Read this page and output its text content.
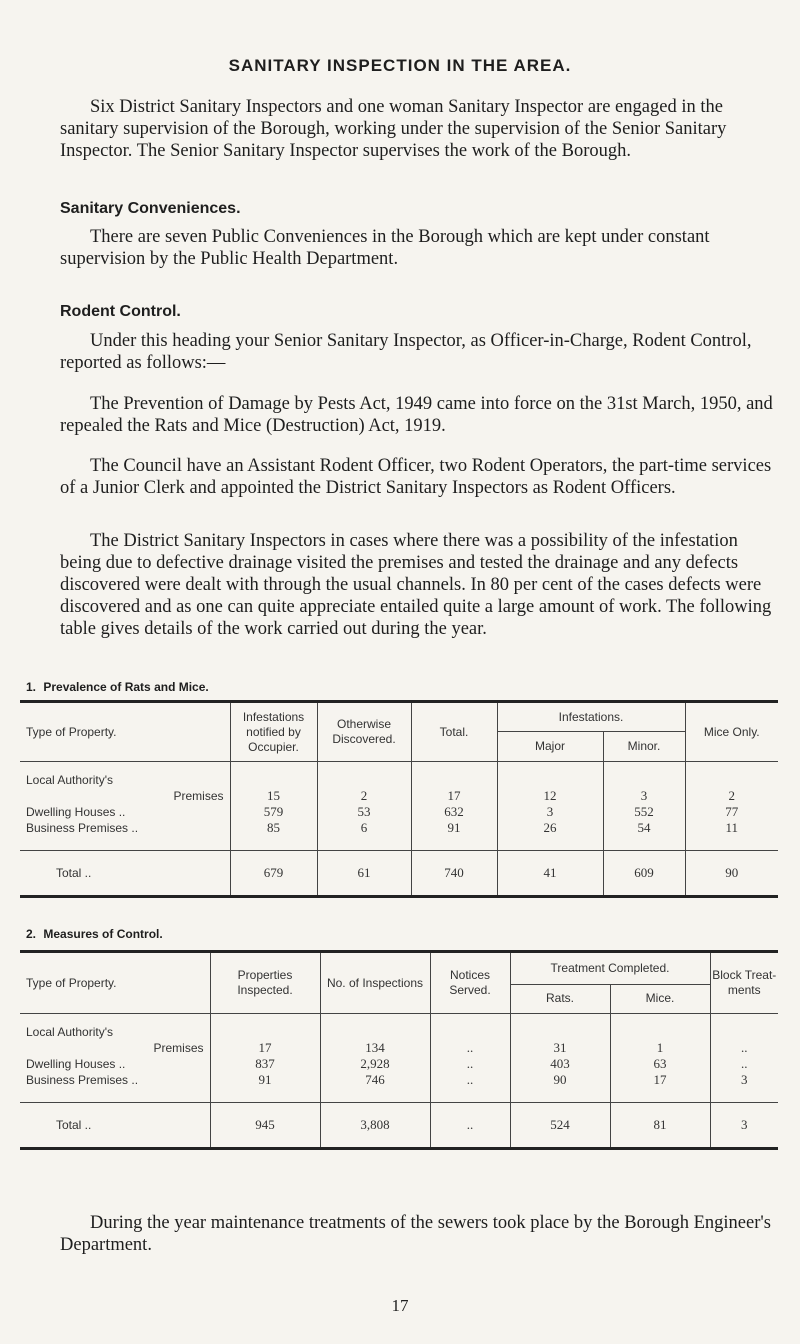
SANITARY INSPECTION IN THE AREA.
Six District Sanitary Inspectors and one woman Sanitary Inspector are engaged in the sanitary supervision of the Borough, working under the supervision of the Senior Sanitary Inspector. The Senior Sanitary Inspector supervises the work of the Borough.
Sanitary Conveniences.
There are seven Public Conveniences in the Borough which are kept under constant supervision by the Public Health Department.
Rodent Control.
Under this heading your Senior Sanitary Inspector, as Officer-in-Charge, Rodent Control, reported as follows:—
The Prevention of Damage by Pests Act, 1949 came into force on the 31st March, 1950, and repealed the Rats and Mice (Destruction) Act, 1919.
The Council have an Assistant Rodent Officer, two Rodent Operators, the part-time services of a Junior Clerk and appointed the District Sanitary Inspectors as Rodent Officers.
The District Sanitary Inspectors in cases where there was a possibility of the infestation being due to defective drainage visited the premises and tested the drainage and any defects discovered were dealt with through the usual channels. In 80 per cent of the cases defects were discovered and as one can quite appreciate entailed quite a large amount of work. The following table gives details of the work carried out during the year.
1. Prevalence of Rats and Mice.
Type of Property.	Infestations notified by Occupier.	Otherwise Discovered.	Total.	Infestations.		Mice Only.
				Major	Minor.	

Local Authority's						
Premises	15	2	17	12	3	2
Dwelling Houses ..	579	53	632	3	552	77
Business Premises ..	85	6	91	26	54	11

Total ..	679	61	740	41	609	90
2. Measures of Control.
Type of Property.	Properties Inspected.	No. of Inspections	Notices Served.	Treatment Completed.		Block Treat-ments
				Rats.	Mice.	

Local Authority's						
Premises	17	134	..	31	1	..
Dwelling Houses ..	837	2,928	..	403	63	..
Business Premises ..	91	746	..	90	17	3

Total ..	945	3,808	..	524	81	3
During the year maintenance treatments of the sewers took place by the Borough Engineer's Department.
17
